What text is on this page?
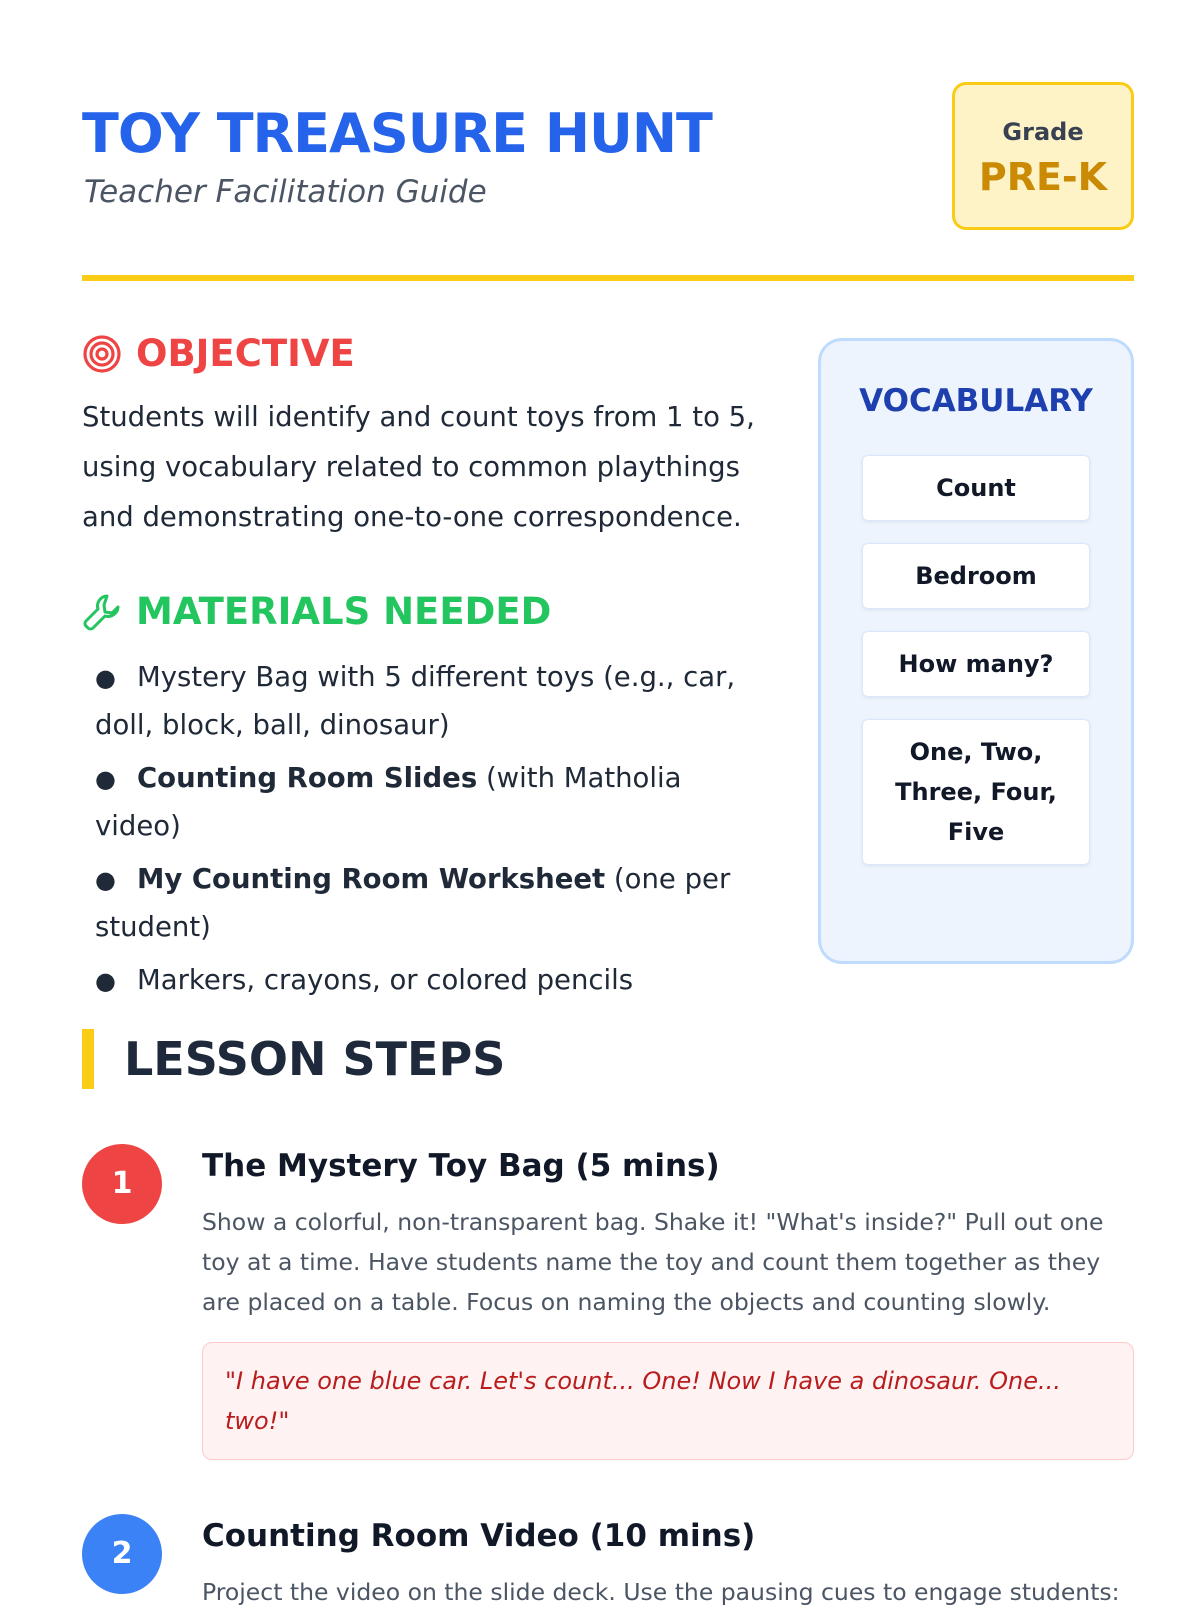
TOY TREASURE HUNT

Teacher Facilitation Guide

Grade
PRE-K
OBJECTIVE

Students will identify and count toys from 1 to 5, using vocabulary related to common playthings and demonstrating one-to-one correspondence.

MATERIALS NEEDED
● Mystery Bag with 5 different toys (e.g., car, doll, block, ball, dinosaur)
● Counting Room Slides (with Matholia video)
● My Counting Room Worksheet (one per student)
● Markers, crayons, or colored pencils
VOCABULARY
Count
Bedroom
How many?
One, Two, Three, Four, Five
LESSON STEPS
1	The Mystery Toy Bag (5 mins)

Show a colorful, non-transparent bag. Shake it! "What's inside?" Pull out one toy at a time. Have students name the toy and count them together as they are placed on a table. Focus on naming the objects and counting slowly.

"I have one blue car. Let's count... One! Now I have a dinosaur. One... two!"
2	Counting Room Video (10 mins)

Project the video on the slide deck. Use the pausing cues to engage students:
